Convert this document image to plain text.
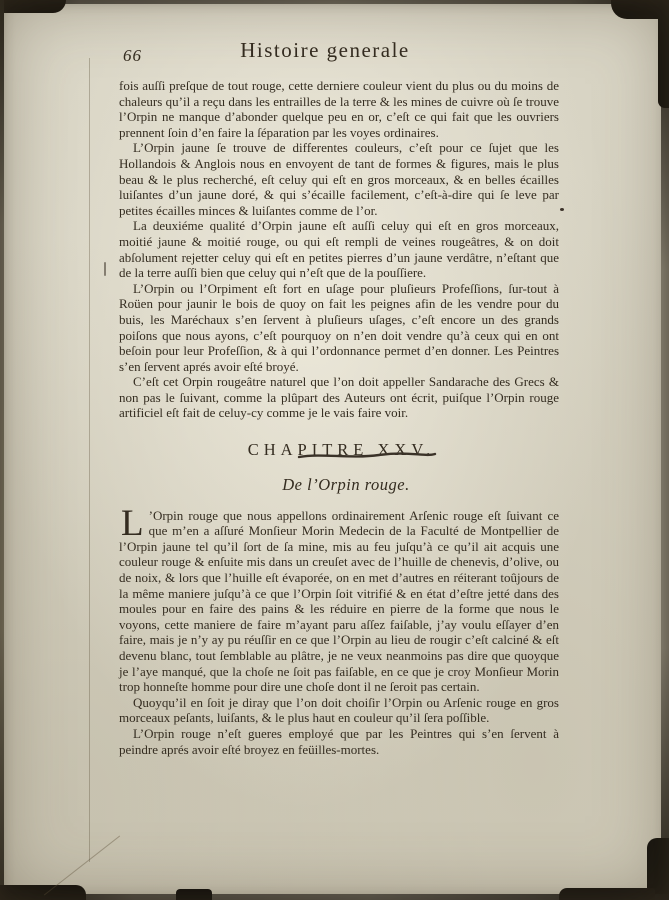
66	Histoire generale

fois auſſi preſque de tout rouge, cette derniere couleur vient du plus ou du moins de chaleurs qu’il a reçu dans les entrailles de la terre & les mines de cuivre où ſe trouve l’Orpin ne manque d’abonder quelque peu en or, c’eſt ce qui fait que les ouvriers prennent ſoin d’en faire la ſéparation par les voyes ordinaires.

L’Orpin jaune ſe trouve de differentes couleurs, c’eſt pour ce ſujet que les Hollandois & Anglois nous en envoyent de tant de formes & figures, mais le plus beau & le plus recherché, eſt celuy qui eſt en gros morceaux, & en belles écailles luiſantes d’un jaune doré, & qui s’écaille facilement, c’eſt-à-dire qui ſe leve par petites écailles minces & luiſantes comme de l’or.

La deuxiéme qualité d’Orpin jaune eſt auſſi celuy qui eſt en gros morceaux, moitié jaune & moitié rouge, ou qui eſt rempli de veines rougeâtres, & on doit abſolument rejetter celuy qui eſt en petites pierres d’un jaune verdâtre, n’eſtant que de la terre auſſi bien que celuy qui n’eſt que de la pouſſiere.

L’Orpin ou l’Orpiment eſt fort en uſage pour pluſieurs Profeſſions, ſur-tout à Roüen pour jaunir le bois de quoy on fait les peignes afin de les vendre pour du buis, les Maréchaux s’en ſervent à pluſieurs uſages, c’eſt encore un des grands poiſons que nous ayons, c’eſt pourquoy on n’en doit vendre qu’à ceux qui en ont beſoin pour leur Profeſſion, & à qui l’ordonnance permet d’en donner. Les Peintres s’en ſervent aprés avoir eſté broyé.

C’eſt cet Orpin rougeâtre naturel que l’on doit appeller Sandarache des Grecs & non pas le ſuivant, comme la plûpart des Auteurs ont écrit, puiſque l’Orpin rouge artificiel eſt fait de celuy-cy comme je le vais faire voir.

CHAPITRE XXV.

De l’Orpin rouge.

L ’Orpin rouge que nous appellons ordinairement Arſenic rouge eſt ſuivant ce que m’en a aſſuré Monſieur Morin Medecin de la Faculté de Montpellier de l’Orpin jaune tel qu’il ſort de ſa mine, mis au feu juſqu’à ce qu’il ait acquis une couleur rouge & enſuite mis dans un creuſet avec de l’huille de chenevis, d’olive, ou de noix, & lors que l’huille eſt évaporée, on en met d’autres en réiterant toûjours de la même maniere juſqu’à ce que l’Orpin ſoit vitrifié & en état d’eſtre jetté dans des moules pour en faire des pains & les réduire en pierre de la forme que nous le voyons, cette maniere de faire m’ayant paru aſſez faiſable, j’ay voulu eſſayer d’en faire, mais je n’y ay pu réuſſir en ce que l’Orpin au lieu de rougir c’eſt calciné & eſt devenu blanc, tout ſemblable au plâtre, je ne veux neanmoins pas dire que quoyque je l’aye manqué, que la choſe ne ſoit pas faiſable, en ce que je croy Monſieur Morin trop honneſte homme pour dire une choſe dont il ne ſeroit pas certain.

Quoyqu’il en ſoit je diray que l’on doit choiſir l’Orpin ou Arſenic rouge en gros morceaux peſants, luiſants, & le plus haut en couleur qu’il ſera poſſible.

L’Orpin rouge n’eſt gueres employé que par les Peintres qui s’en ſervent à peindre aprés avoir eſté broyez en feüilles-mortes.
